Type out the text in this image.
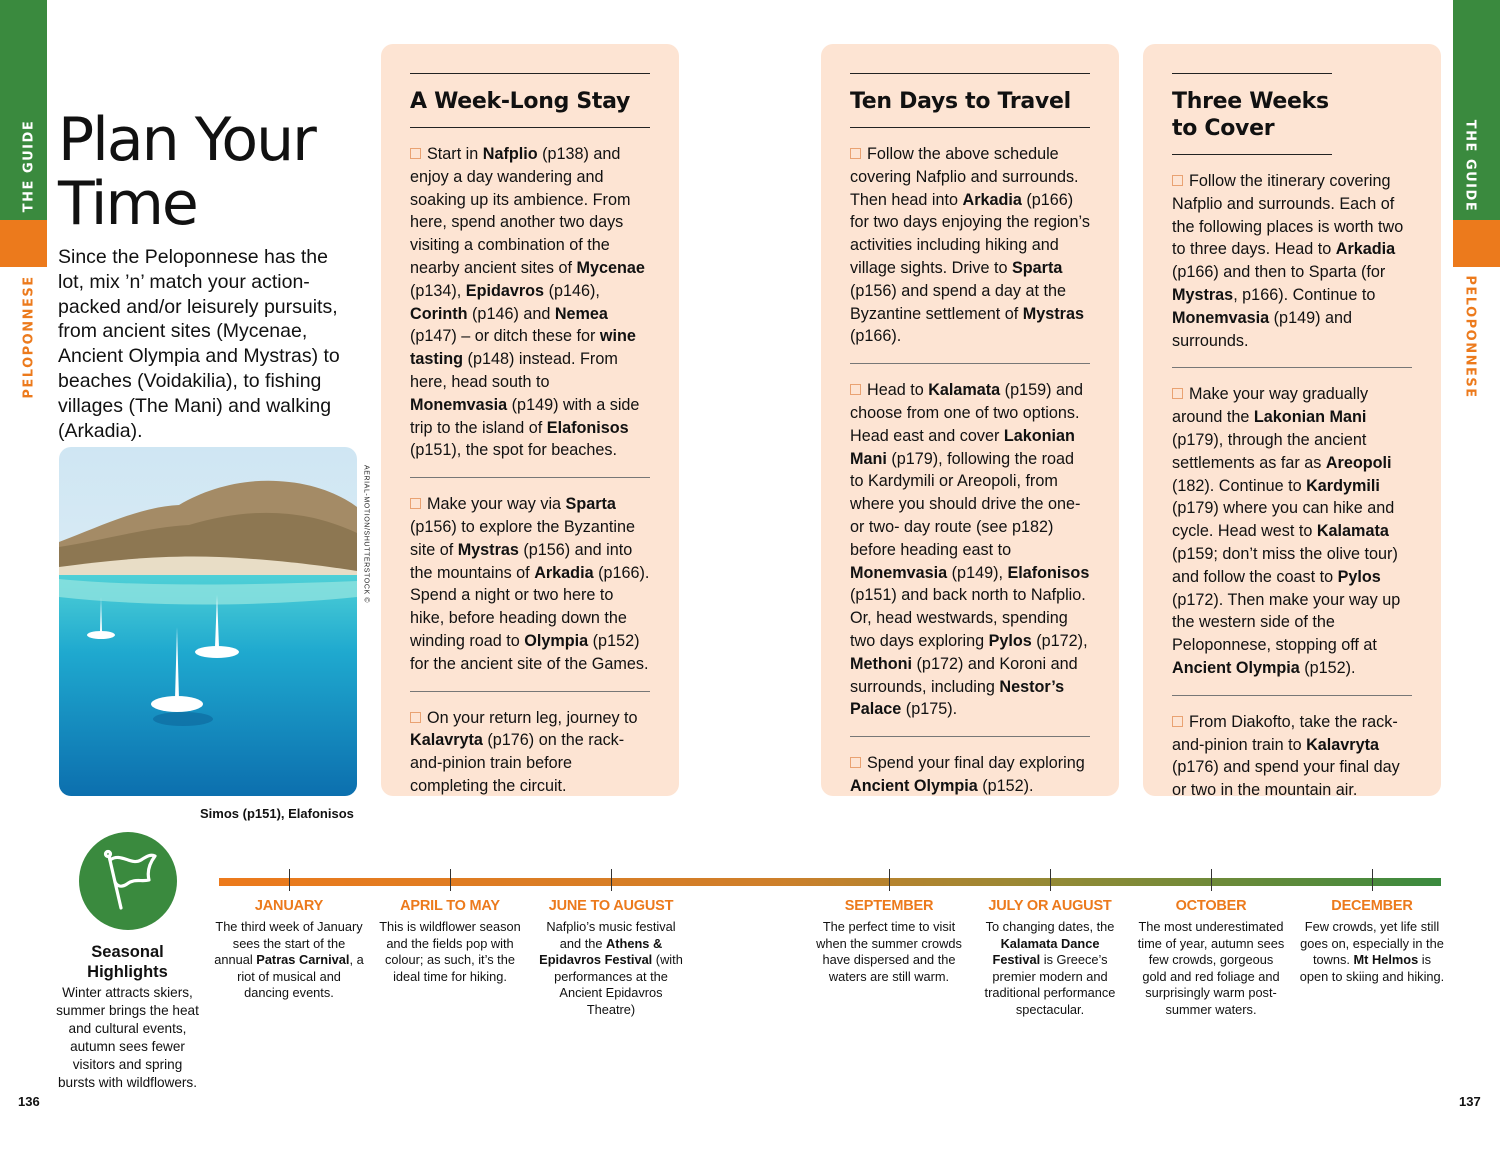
THE GUIDE
PELOPONNESE
THE GUIDE
PELOPONNESE
Plan Your
Time

Since the Peloponnese has the lot, mix ’n’ match your action-packed and/or leisurely pursuits, from ancient sites (Mycenae, Ancient Olympia and Mystras) to beaches (Voidakilia), to fishing villages (The Mani) and walking (Arkadia).

AERIAL-MOTION/SHUTTERSTOCK ©
Simos (p151), Elafonisos
A Week-Long Stay

Start in Nafplio (p138) and enjoy a day wandering and soaking up its ambience. From here, spend another two days visiting a combination of the nearby ancient sites of Mycenae (p134), Epidavros (p146), Corinth (p146) and Nemea (p147) – or ditch these for wine tasting (p148) instead. From here, head south to Monemvasia (p149) with a side trip to the island of Elafonisos (p151), the spot for beaches.

Make your way via Sparta (p156) to explore the Byzantine site of Mystras (p156) and into the mountains of Arkadia (p166). Spend a night or two here to hike, before heading down the winding road to Olympia (p152) for the ancient site of the Games.

On your return leg, journey to Kalavryta (p176) on the rack-and-pinion train before completing the circuit.

Ten Days to Travel

Follow the above schedule covering Nafplio and surrounds. Then head into Arkadia (p166) for two days enjoying the region’s activities including hiking and village sights. Drive to Sparta (p156) and spend a day at the Byzantine settlement of Mystras (p166).

Head to Kalamata (p159) and choose from one of two options. Head east and cover Lakonian Mani (p179), following the road to Kardymili or Areopoli, from where you should drive the one- or two- day route (see p182) before heading east to Monemvasia (p149), Elafonisos (p151) and back north to Nafplio. Or, head westwards, spending two days exploring Pylos (p172), Methoni (p172) and Koroni and surrounds, including Nestor’s Palace (p175).

Spend your final day exploring Ancient Olympia (p152).

Three Weeks to Cover

Follow the itinerary covering Nafplio and surrounds. Each of the following places is worth two to three days. Head to Arkadia (p166) and then to Sparta (for Mystras, p166). Continue to Monemvasia (p149) and surrounds.

Make your way gradually around the Lakonian Mani (p179), through the ancient settlements as far as Areopoli (182). Continue to Kardymili (p179) where you can hike and cycle. Head west to Kalamata (p159; don’t miss the olive tour) and follow the coast to Pylos (p172). Then make your way up the western side of the Peloponnese, stopping off at Ancient Olympia (p152).

From Diakofto, take the rack-and-pinion train to Kalavryta (p176) and spend your final day or two in the mountain air.

Seasonal Highlights
Winter attracts skiers, summer brings the heat and cultural events, autumn sees fewer visitors and spring bursts with wildflowers.
JANUARY
The third week of January sees the start of the annual Patras Carnival, a riot of musical and dancing events.
APRIL TO MAY
This is wildflower season and the fields pop with colour; as such, it’s the ideal time for hiking.
JUNE TO AUGUST
Nafplio’s music festival and the Athens & Epidavros Festival (with performances at the Ancient Epidavros Theatre)
SEPTEMBER
The perfect time to visit when the summer crowds have dispersed and the waters are still warm.
JULY OR AUGUST
To changing dates, the Kalamata Dance Festival is Greece’s premier modern and traditional performance spectacular.
OCTOBER
The most underestimated time of year, autumn sees few crowds, gorgeous gold and red foliage and surprisingly warm post-summer waters.
DECEMBER
Few crowds, yet life still goes on, especially in the towns. Mt Helmos is open to skiing and hiking.
136	137
